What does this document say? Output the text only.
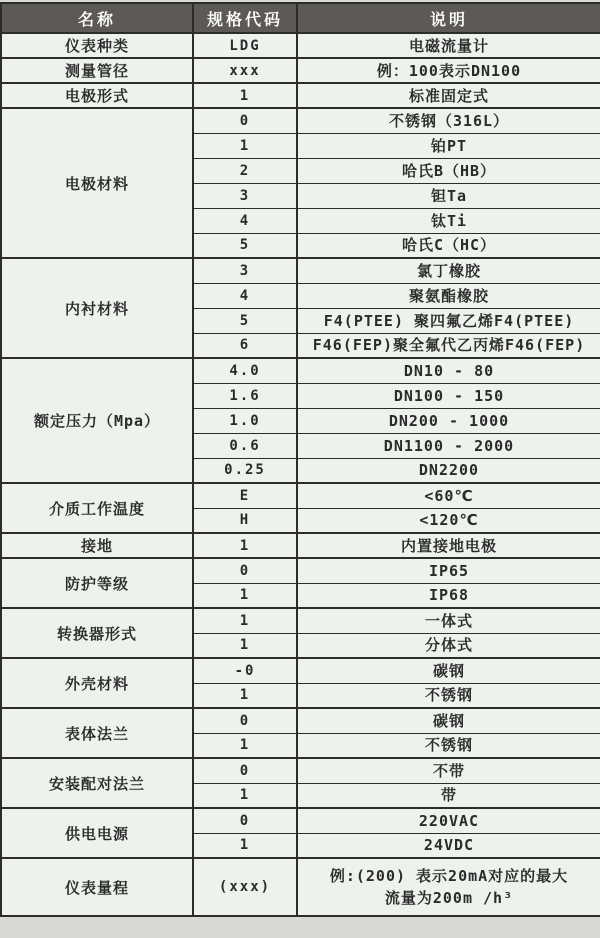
名称	规格代码	说明
仪表种类	LDG	电磁流量计
测量管径	xxx	例：100表示DN100
电极形式	1	标准固定式
电极材料	0	不锈钢（316L）
	1	铂PT
	2	哈氏B（HB）
	3	钽Ta
	4	钛Ti
	5	哈氏C（HC）
内衬材料	3	氯丁橡胶
	4	聚氨酯橡胶
	5	F4(PTEE) 聚四氟乙烯F4(PTEE)
	6	F46(FEP)聚全氟代乙丙烯F46(FEP)
额定压力（Mpa）	4.0	DN10 - 80
	1.6	DN100 - 150
	1.0	DN200 - 1000
	0.6	DN1100 - 2000
	0.25	DN2200
介质工作温度	E	<60℃
	H	<120℃
接地	1	内置接地电极
防护等级	0	IP65
	1	IP68
转换器形式	1	一体式
	1	分体式
外壳材料	-0	碳钢
	1	不锈钢
表体法兰	0	碳钢
	1	不锈钢
安装配对法兰	0	不带
	1	带
供电电源	0	220VAC
	1	24VDC
仪表量程	(xxx)	例:(200) 表示20mA对应的最大
流量为200m /h³
